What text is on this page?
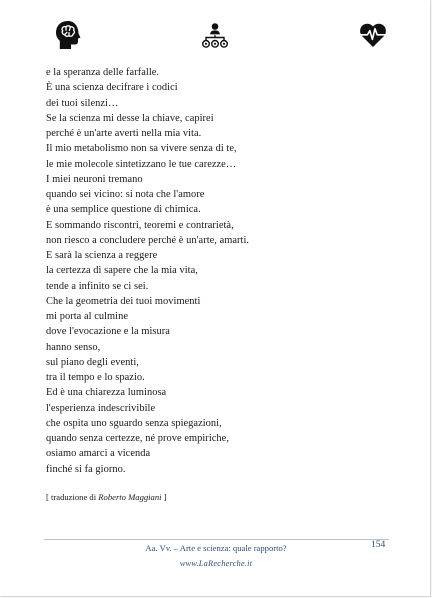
e la speranza delle farfalle.
È una scienza decifrare i codici
dei tuoi silenzi…
Se la scienza mi desse la chiave, capirei
perché è un'arte averti nella mia vita.
Il mio metabolismo non sa vivere senza di te,
le mie molecole sintetizzano le tue carezze…
I miei neuroni tremano
quando sei vicino: si nota che l'amore
è una semplice questione di chimica.
E sommando riscontri, teoremi e contrarietà,
non riesco a concludere perché è un'arte, amarti.
E sarà la scienza a reggere
la certezza di sapere che la mia vita,
tende a infinito se ci sei.
Che la geometria dei tuoi movimenti
mi porta al culmine
dove l'evocazione e la misura
hanno senso,
sul piano degli eventi,
tra il tempo e lo spazio.
Ed è una chiarezza luminosa
l'esperienza indescrivibile
che ospita uno sguardo senza spiegazioni,
quando senza certezze, né prove empiriche,
osiamo amarci a vicenda
finché si fa giorno.
[ traduzione di Roberto Maggiani ]
Aa. Vv. – Arte e scienza: quale rapporto?	154
www.LaRecherche.it
